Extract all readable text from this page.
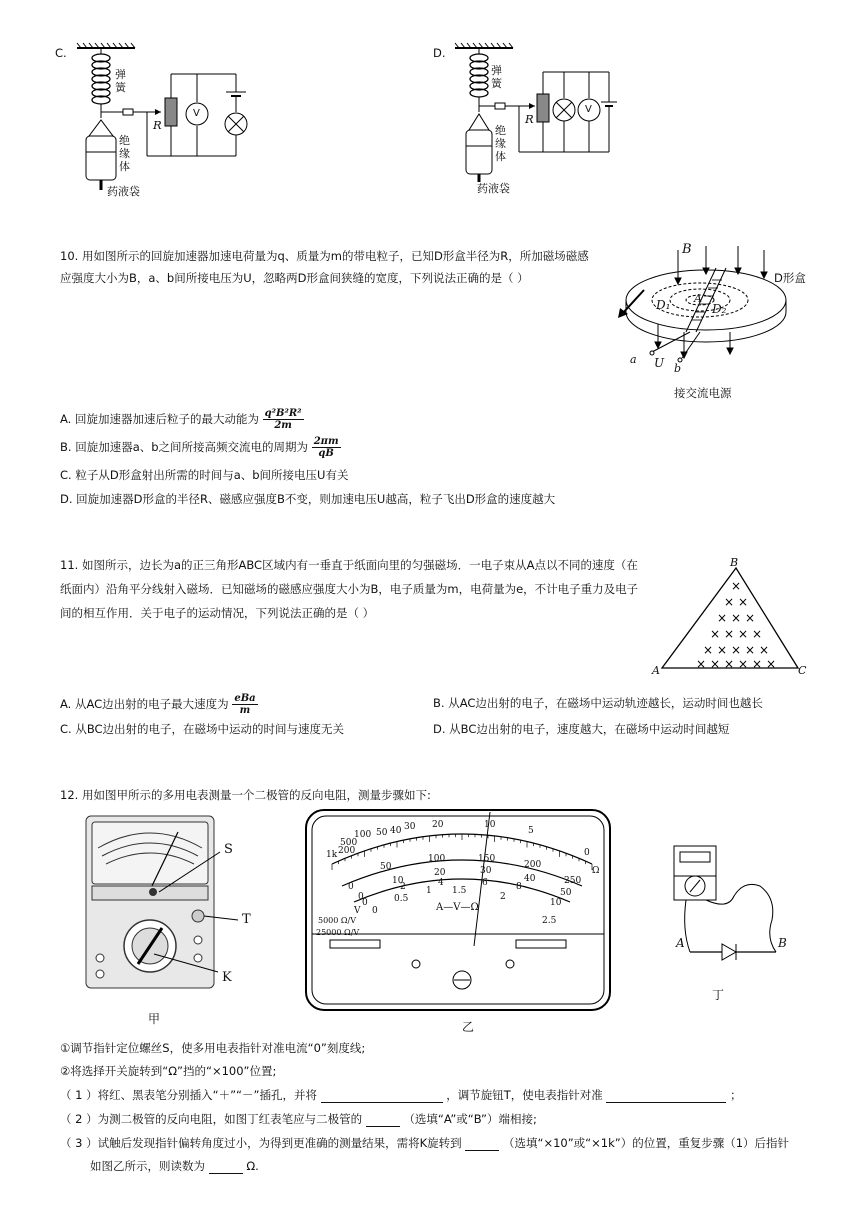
C.
弹簧
绝缘体
药液袋
R
V
D.
弹簧
绝缘体
药液袋
R
V
10. 用如图所示的回旋加速器加速电荷量为q、质量为m的带电粒子，已知D形盒半径为R，所加磁场磁感
应强度大小为B，a、b间所接电压为U，忽略两D形盒间狭缝的宽度，下列说法正确的是（ ）
B
D形盒
D₁ A
D₂
a U b
接交流电源
A. 回旋加速器加速后粒子的最大动能为 $\frac{\text{q²B²R²}}{2m}$
B. 回旋加速器a、b之间所接高频交流电的周期为 $\frac{2\pi m}{qB}$
C. 粒子从D形盒射出所需的时间与a、b间所接电压U有关
D. 回旋加速器D形盒的半径R、磁感应强度B不变，则加速电压U越高，粒子飞出D形盒的速度越大
11. 如图所示，边长为a的正三角形ABC区域内有一垂直于纸面向里的匀强磁场．一电子束从A点以不同的速度（在
纸面内）沿角平分线射入磁场．已知磁场的磁感应强度大小为B，电子质量为m，电荷量为e，不计电子重力及电子
间的相互作用．关于电子的运动情况，下列说法正确的是（ ）
×
× ×
× × ×
× × × ×
× × × × ×
× × × × × ×
B
A	C
A. 从AC边出射的电子最大速度为 $\frac{\text{eBa}}{m}$	B. 从AC边出射的电子，在磁场中运动轨迹越长，运动时间也越长
C. 从BC边出射的电子，在磁场中运动的时间与速度无关	D. 从BC边出射的电子，速度越大，在磁场中运动时间越短
12. 用如图甲所示的多用电表测量一个二极管的反向电阻，测量步骤如下:
S
T
K
甲
1k
500
200
100 50 40 30 20	10
5
0
0
50
100	150
200
250
0
10
20	30
40
50
0
0.5
1 1.5
2
2.5
0
2	4	6	8
10
Ω
V	A—V—Ω
5000 Ω/V
25000 Ω/V
乙
A	B
丁
①调节指针定位螺丝S，使多用电表指针对准电流“0”刻度线;
②将选择开关旋转到“Ω”挡的“×100”位置;
（ 1 ）将红、黑表笔分别插入“＋”“－”插孔，并将	，调节旋钮T，使电表指针对准	；
（ 2 ）为测二极管的反向电阻，如图丁红表笔应与二极管的	（选填“A”或“B”）端相接;
（ 3 ）试触后发现指针偏转角度过小，为得到更准确的测量结果，需将K旋转到	（选填“×10”或“×1k”）的位置，重复步骤（1）后指针
如图乙所示，则读数为	Ω.
